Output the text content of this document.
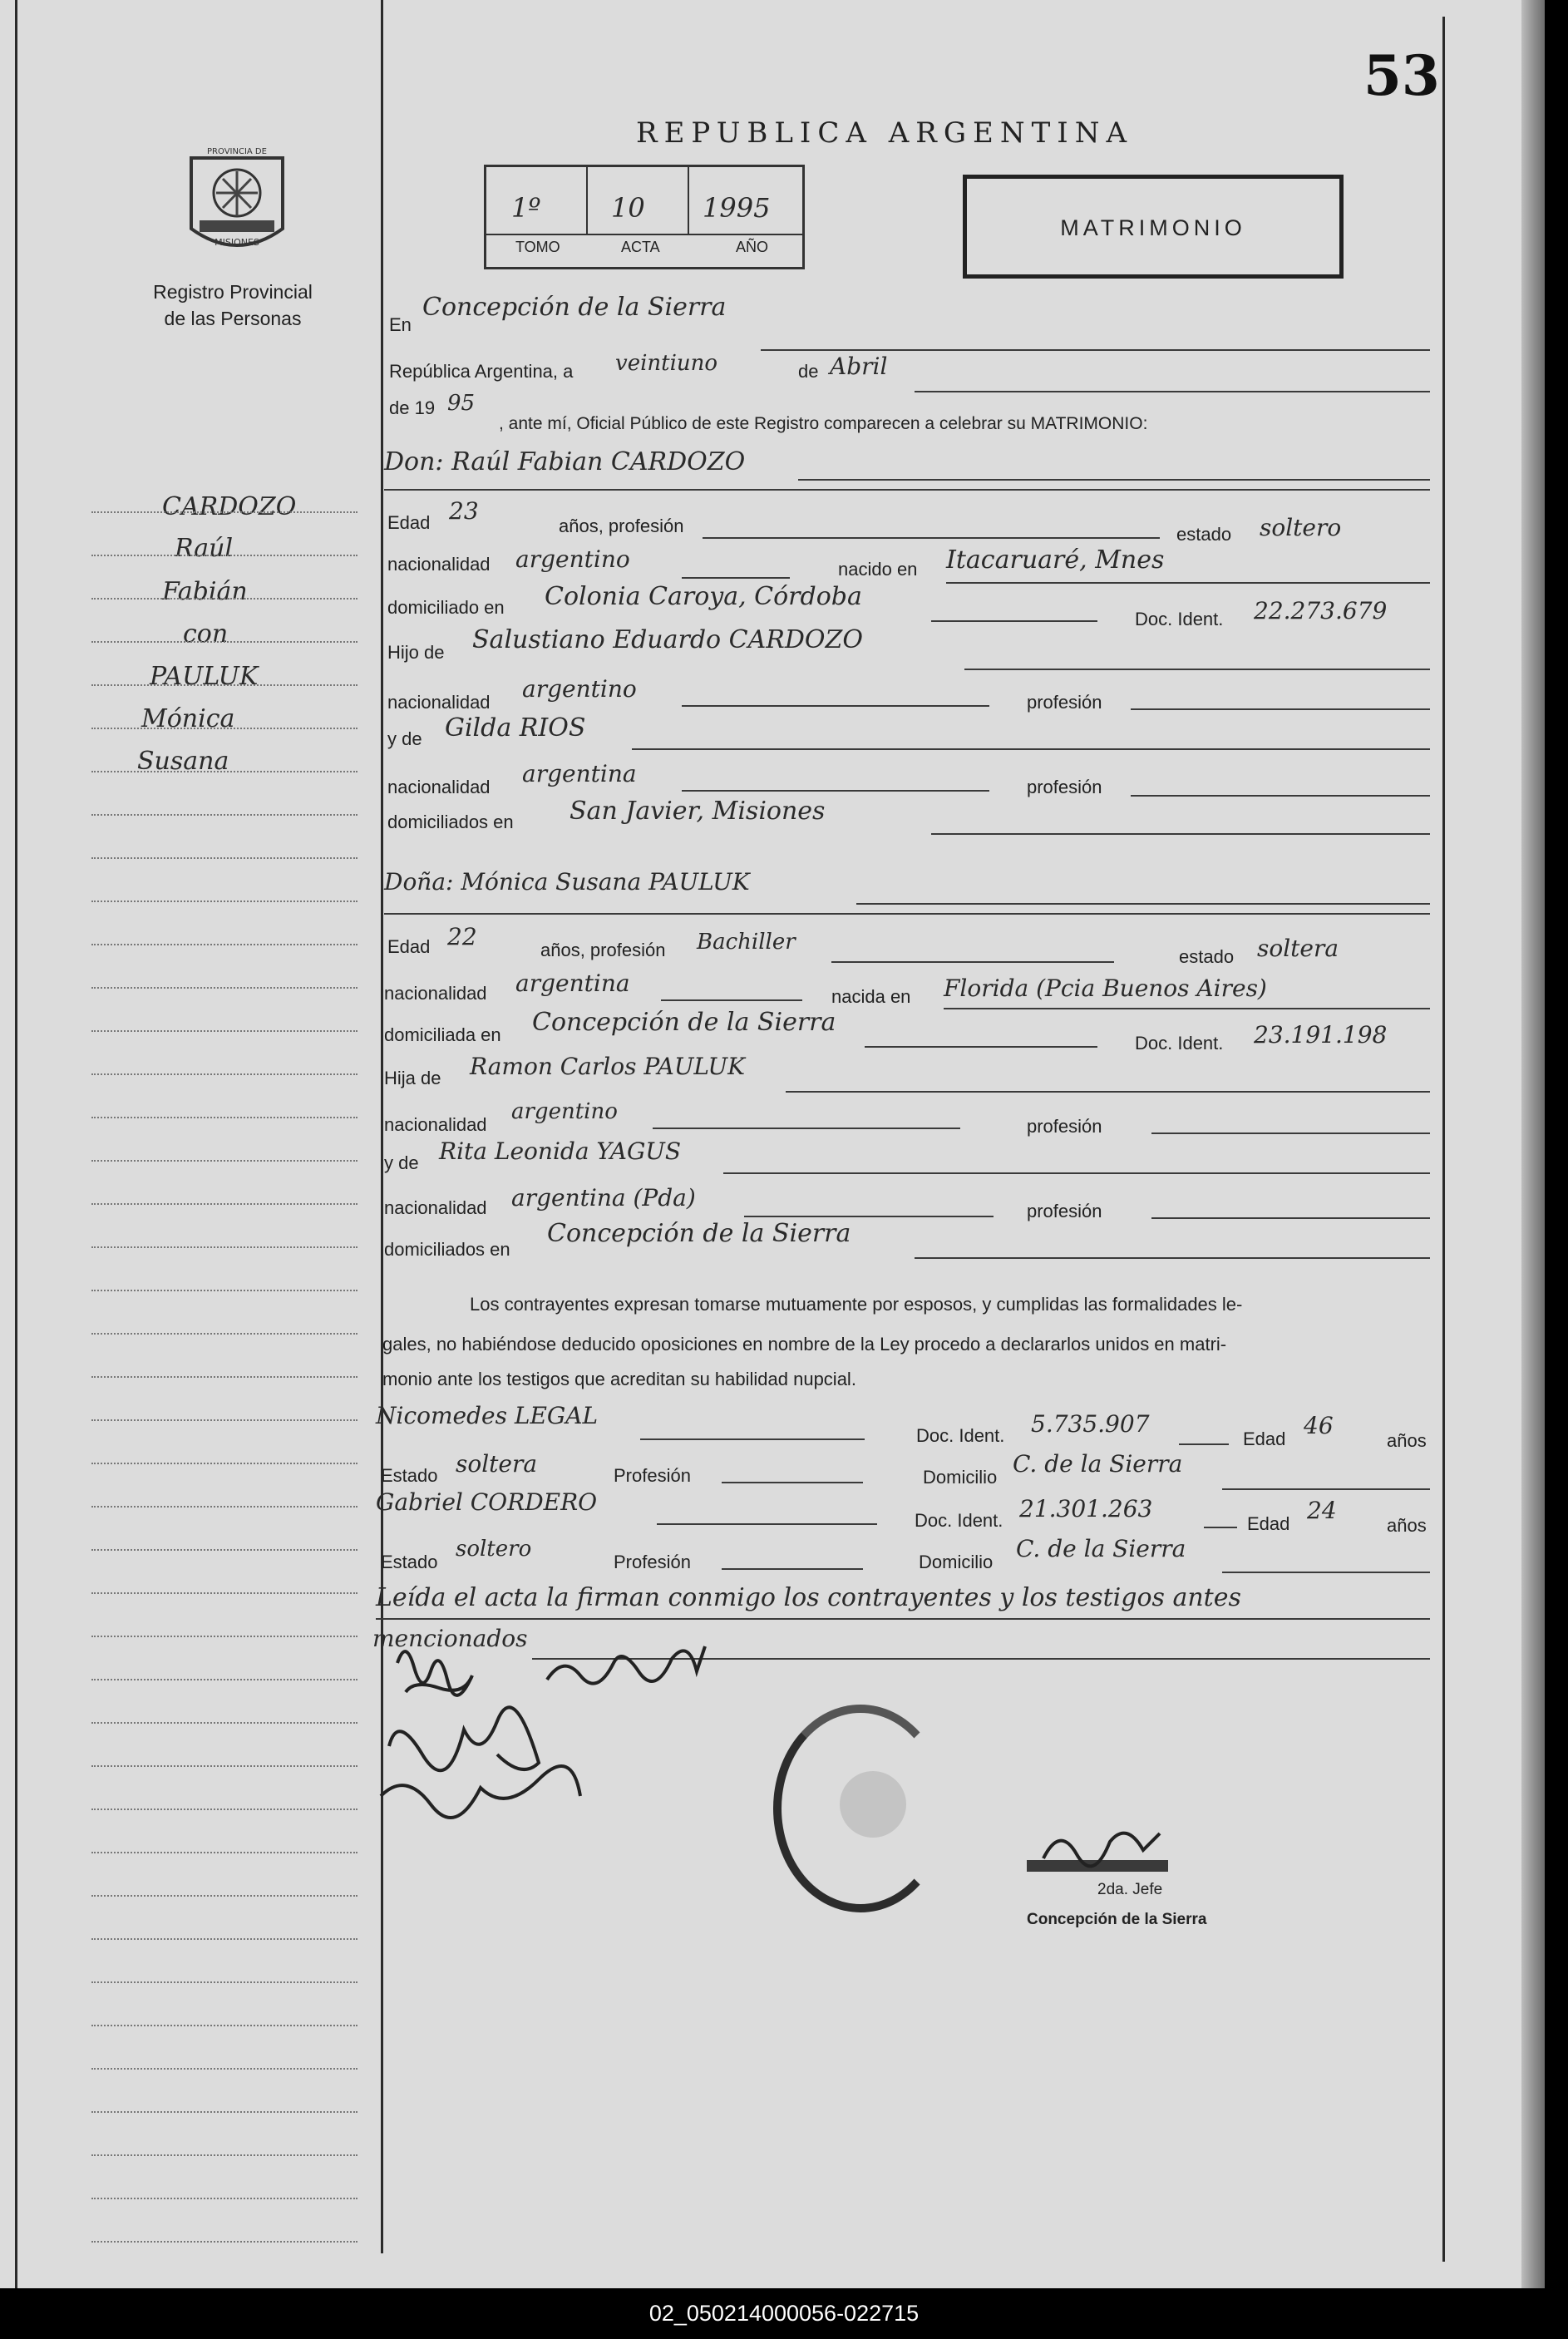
53
PROVINCIA DE
MISIONES
Registro Provincial
de las Personas
REPUBLICA ARGENTINA
1º	10 1995
TOMO	ACTA	AÑO
MATRIMONIO
CARDOZO
Raúl
Fabián
con
PAULUK
Mónica
Susana
En
Concepción de la Sierra
República Argentina, a veintiuno	de Abril
de 19 95
, ante mí, Oficial Público de este Registro comparecen a celebrar su MATRIMONIO:
Don: Raúl Fabian CARDOZO
Edad 23
años, profesión	estado soltero
nacionalidad argentino	nacido en Itacaruaré, Mnes
domiciliado en Colonia Caroya, Córdoba
Doc. Ident. 22.273.679
Hijo de Salustiano Eduardo CARDOZO
nacionalidad argentino	profesión
y de Gilda RIOS
nacionalidad argentina	profesión
domiciliados en San Javier, Misiones
Doña: Mónica Susana PAULUK
Edad 22	años, profesión Bachiller
estado soltera
nacionalidad argentina	nacida en Florida (Pcia Buenos Aires)
domiciliada en Concepción de la Sierra
Doc. Ident. 23.191.198
Hija de Ramon Carlos PAULUK
nacionalidad
argentino
profesión
y de Rita Leonida YAGUS
nacionalidad argentina (Pda)	profesión
domiciliados en
Concepción de la Sierra
Los contrayentes expresan tomarse mutuamente por esposos, y cumplidas las formalidades le-
gales, no habiéndose deducido oposiciones en nombre de la Ley procedo a declararlos unidos en matri-
monio ante los testigos que acreditan su habilidad nupcial.
Nicomedes LEGAL
Doc. Ident. 5.735.907
Edad 46
años
Estado soltera	Profesión	Domicilio C. de la Sierra
Gabriel CORDERO
Doc. Ident. 21.301.263
Edad 24
años
Estado
soltero
Profesión	Domicilio C. de la Sierra
Leída el acta la firman conmigo los contrayentes y los testigos antes
mencionados
2da. Jefe
Concepción de la Sierra
02_050214000056-022715
